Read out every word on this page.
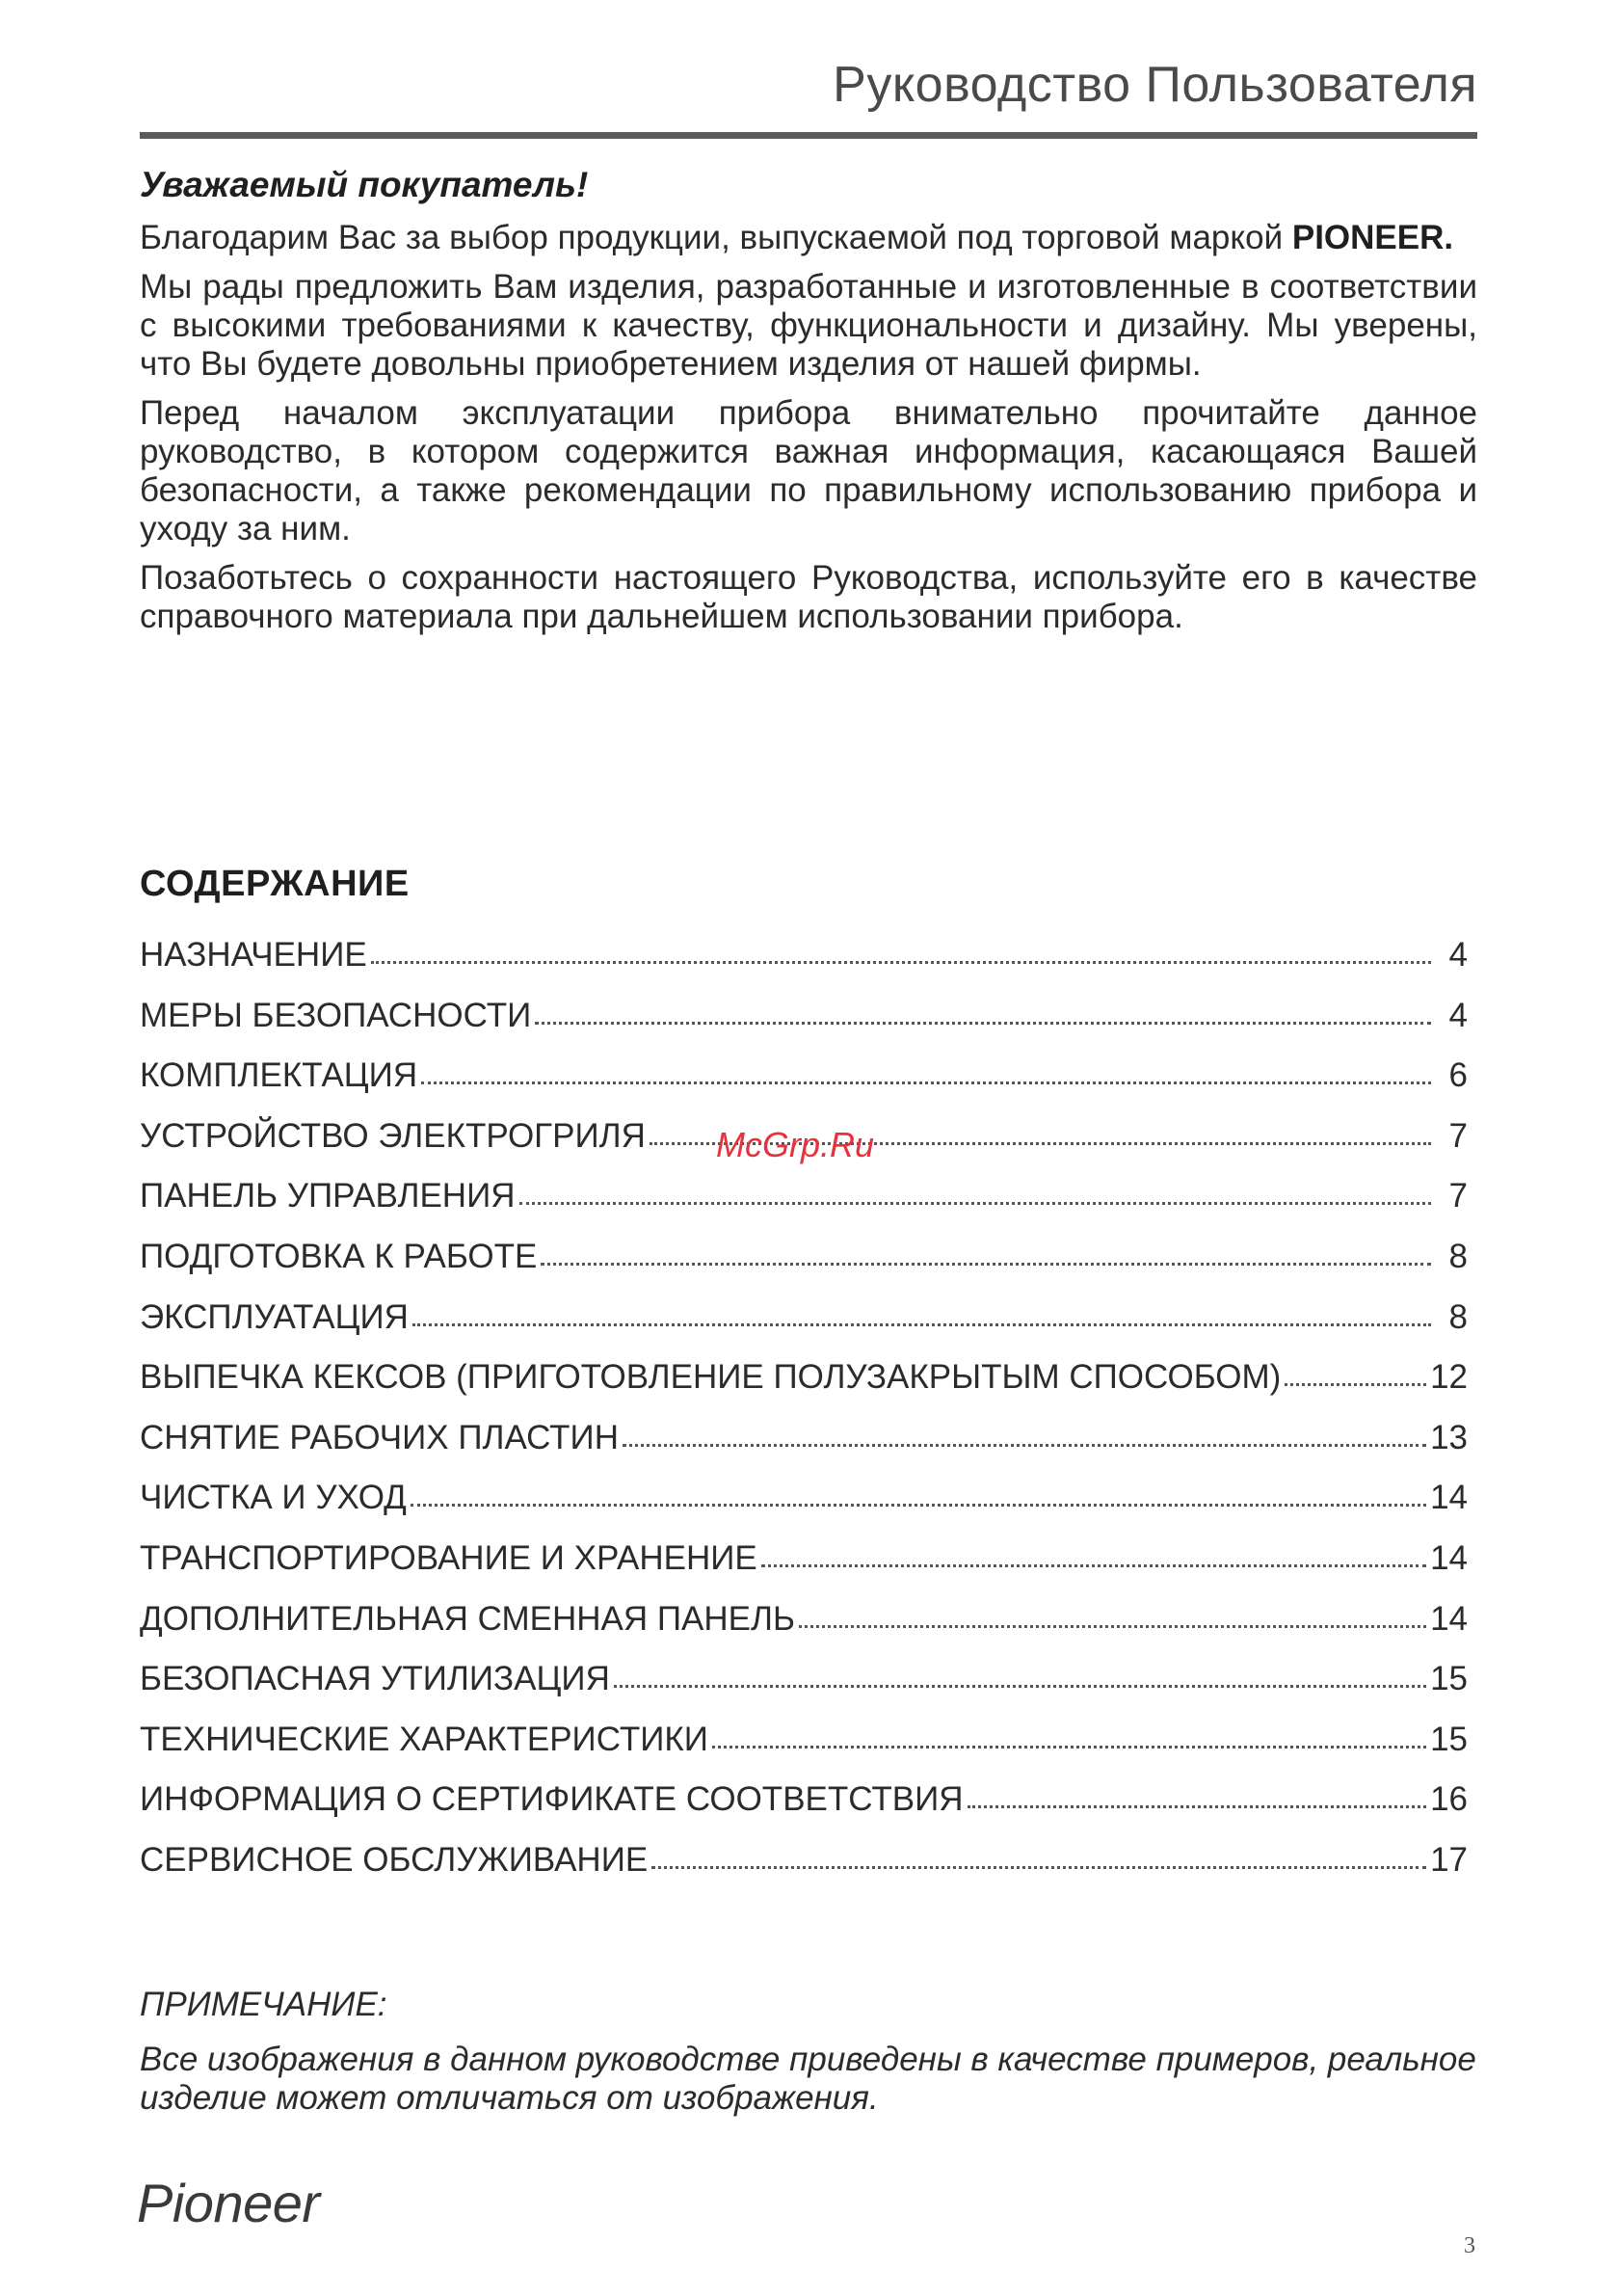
Руководство Пользователя

Уважаемый покупатель!

Благодарим Вас за выбор продукции, выпускаемой под торговой маркой PIONEER.

Мы рады предложить Вам изделия, разработанные и изготовленные в соответствии с высокими требованиями к качеству, функциональности и дизайну. Мы уверены, что Вы будете довольны приобретением изделия от нашей фирмы.

Перед началом эксплуатации прибора внимательно прочитайте данное руководство, в котором содержится важная информация, касающаяся Вашей безопасности, а также рекомендации по правильному использованию прибора и уходу за ним.

Позаботьтесь о сохранности настоящего Руководства, используйте его в качестве справочного материала при дальнейшем использовании прибора.

СОДЕРЖАНИЕ
НАЗНАЧЕНИЕ	4
МЕРЫ БЕЗОПАСНОСТИ	4
КОМПЛЕКТАЦИЯ	6
УСТРОЙСТВО ЭЛЕКТРОГРИЛЯ	7
ПАНЕЛЬ УПРАВЛЕНИЯ	7
ПОДГОТОВКА К РАБОТЕ	8
ЭКСПЛУАТАЦИЯ	8
ВЫПЕЧКА КЕКСОВ (ПРИГОТОВЛЕНИЕ ПОЛУЗАКРЫТЫМ СПОСОБОМ)	12
СНЯТИЕ РАБОЧИХ ПЛАСТИН	13
ЧИСТКА И УХОД	14
ТРАНСПОРТИРОВАНИЕ И ХРАНЕНИЕ	14
ДОПОЛНИТЕЛЬНАЯ СМЕННАЯ ПАНЕЛЬ	14
БЕЗОПАСНАЯ УТИЛИЗАЦИЯ	15
ТЕХНИЧЕСКИЕ ХАРАКТЕРИСТИКИ	15
ИНФОРМАЦИЯ О СЕРТИФИКАТЕ СООТВЕТСТВИЯ	16
СЕРВИСНОЕ ОБСЛУЖИВАНИЕ	17
McGrp.Ru

ПРИМЕЧАНИЕ:

Все изображения в данном руководстве приведены в качестве примеров, реальное изделие может отличаться от изображения.

Pioneer
3
